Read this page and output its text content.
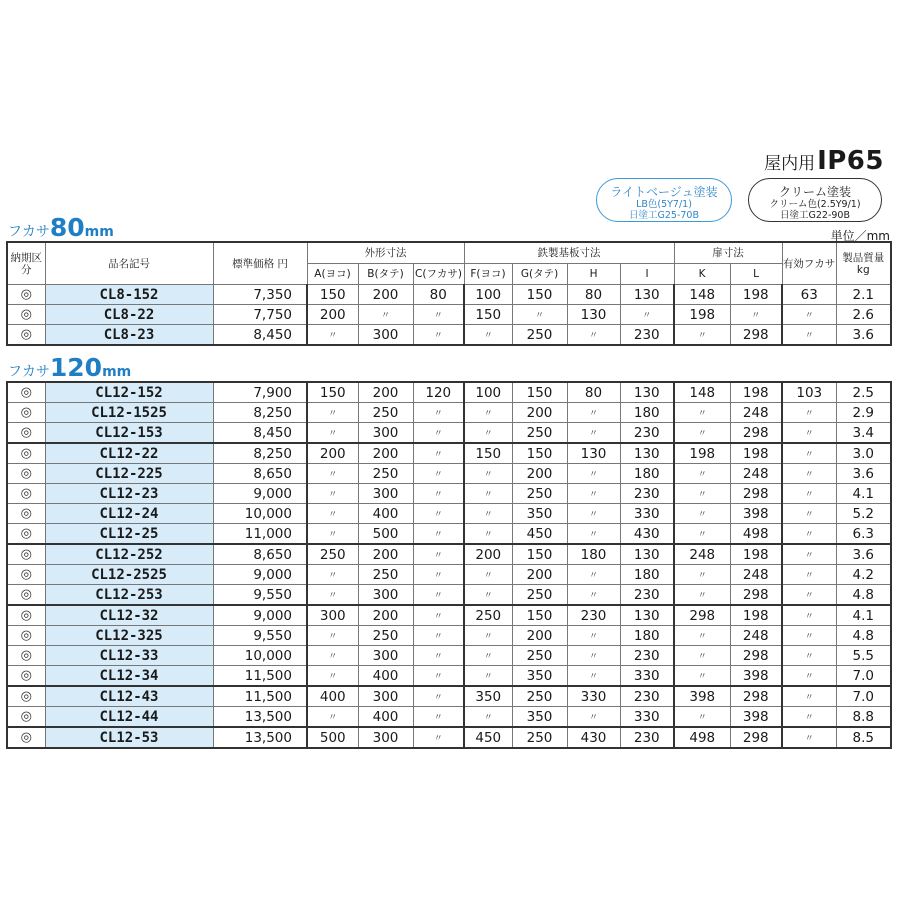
屋内用IP65
ライトベージュ塗装
LB色(5Y7/1)
日塗工G25-70B
クリーム塗装
クリーム色(2.5Y9/1)
日塗工G22-90B
単位／mm
フカサ80mm
納期区分	品名記号	標準価格 円	外形寸法			鉄製基板寸法				扉寸法		有効フカサ	製品質量kg
			A(ヨコ)	B(タテ)	C(フカサ)	F(ヨコ)	G(タテ)	H	I	K	L		
◎	CL8-152	7,350	150	200	80	100	150	80	130	148	198	63	2.1
◎	CL8-22	7,750	200	〃	〃	150	〃	130	〃	198	〃	〃	2.6
◎	CL8-23	8,450	〃	300	〃	〃	250	〃	230	〃	298	〃	3.6
フカサ120mm
◎	CL12-152	7,900	150	200	120	100	150	80	130	148	198	103	2.5
◎	CL12-1525	8,250	〃	250	〃	〃	200	〃	180	〃	248	〃	2.9
◎	CL12-153	8,450	〃	300	〃	〃	250	〃	230	〃	298	〃	3.4
◎	CL12-22	8,250	200	200	〃	150	150	130	130	198	198	〃	3.0
◎	CL12-225	8,650	〃	250	〃	〃	200	〃	180	〃	248	〃	3.6
◎	CL12-23	9,000	〃	300	〃	〃	250	〃	230	〃	298	〃	4.1
◎	CL12-24	10,000	〃	400	〃	〃	350	〃	330	〃	398	〃	5.2
◎	CL12-25	11,000	〃	500	〃	〃	450	〃	430	〃	498	〃	6.3
◎	CL12-252	8,650	250	200	〃	200	150	180	130	248	198	〃	3.6
◎	CL12-2525	9,000	〃	250	〃	〃	200	〃	180	〃	248	〃	4.2
◎	CL12-253	9,550	〃	300	〃	〃	250	〃	230	〃	298	〃	4.8
◎	CL12-32	9,000	300	200	〃	250	150	230	130	298	198	〃	4.1
◎	CL12-325	9,550	〃	250	〃	〃	200	〃	180	〃	248	〃	4.8
◎	CL12-33	10,000	〃	300	〃	〃	250	〃	230	〃	298	〃	5.5
◎	CL12-34	11,500	〃	400	〃	〃	350	〃	330	〃	398	〃	7.0
◎	CL12-43	11,500	400	300	〃	350	250	330	230	398	298	〃	7.0
◎	CL12-44	13,500	〃	400	〃	〃	350	〃	330	〃	398	〃	8.8
◎	CL12-53	13,500	500	300	〃	450	250	430	230	498	298	〃	8.5
